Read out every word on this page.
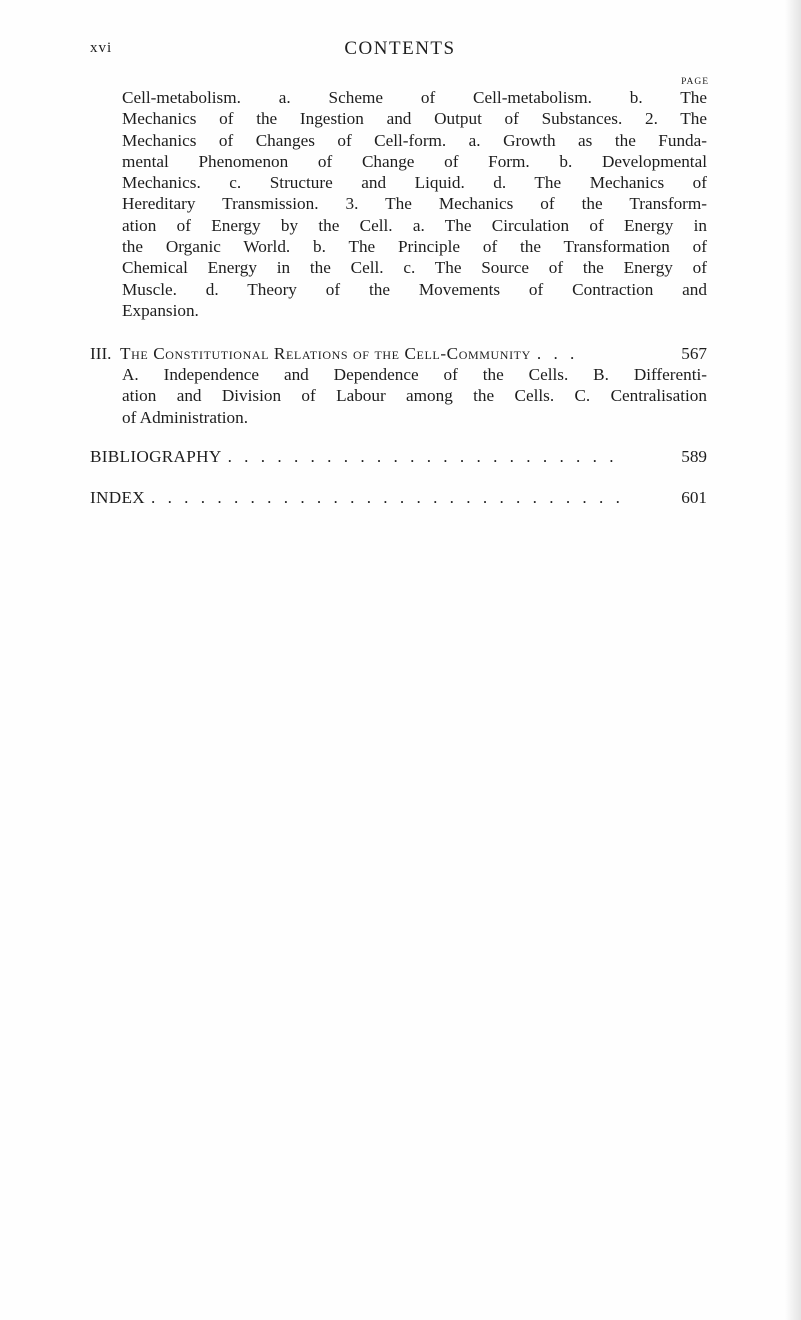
xvi	CONTENTS
PAGE
Cell-metabolism. a. Scheme of Cell-metabolism. b. The
Mechanics of the Ingestion and Output of Substances. 2. The
Mechanics of Changes of Cell-form. a. Growth as the Funda-
mental Phenomenon of Change of Form. b. Developmental
Mechanics. c. Structure and Liquid. d. The Mechanics of
Hereditary Transmission. 3. The Mechanics of the Transform-
ation of Energy by the Cell. a. The Circulation of Energy in
the Organic World. b. The Principle of the Transformation of
Chemical Energy in the Cell. c. The Source of the Energy of
Muscle. d. Theory of the Movements of Contraction and
Expansion.
III. The Constitutional Relations of the Cell-Community . . .	567
A. Independence and Dependence of the Cells. B. Differenti-
ation and Division of Labour among the Cells. C. Centralisation
of Administration.
BIBLIOGRAPHY . . . . . . . . . . . . . . . . . . . . . . . .	589
INDEX . . . . . . . . . . . . . . . . . . . . . . . . . . . . .	601
